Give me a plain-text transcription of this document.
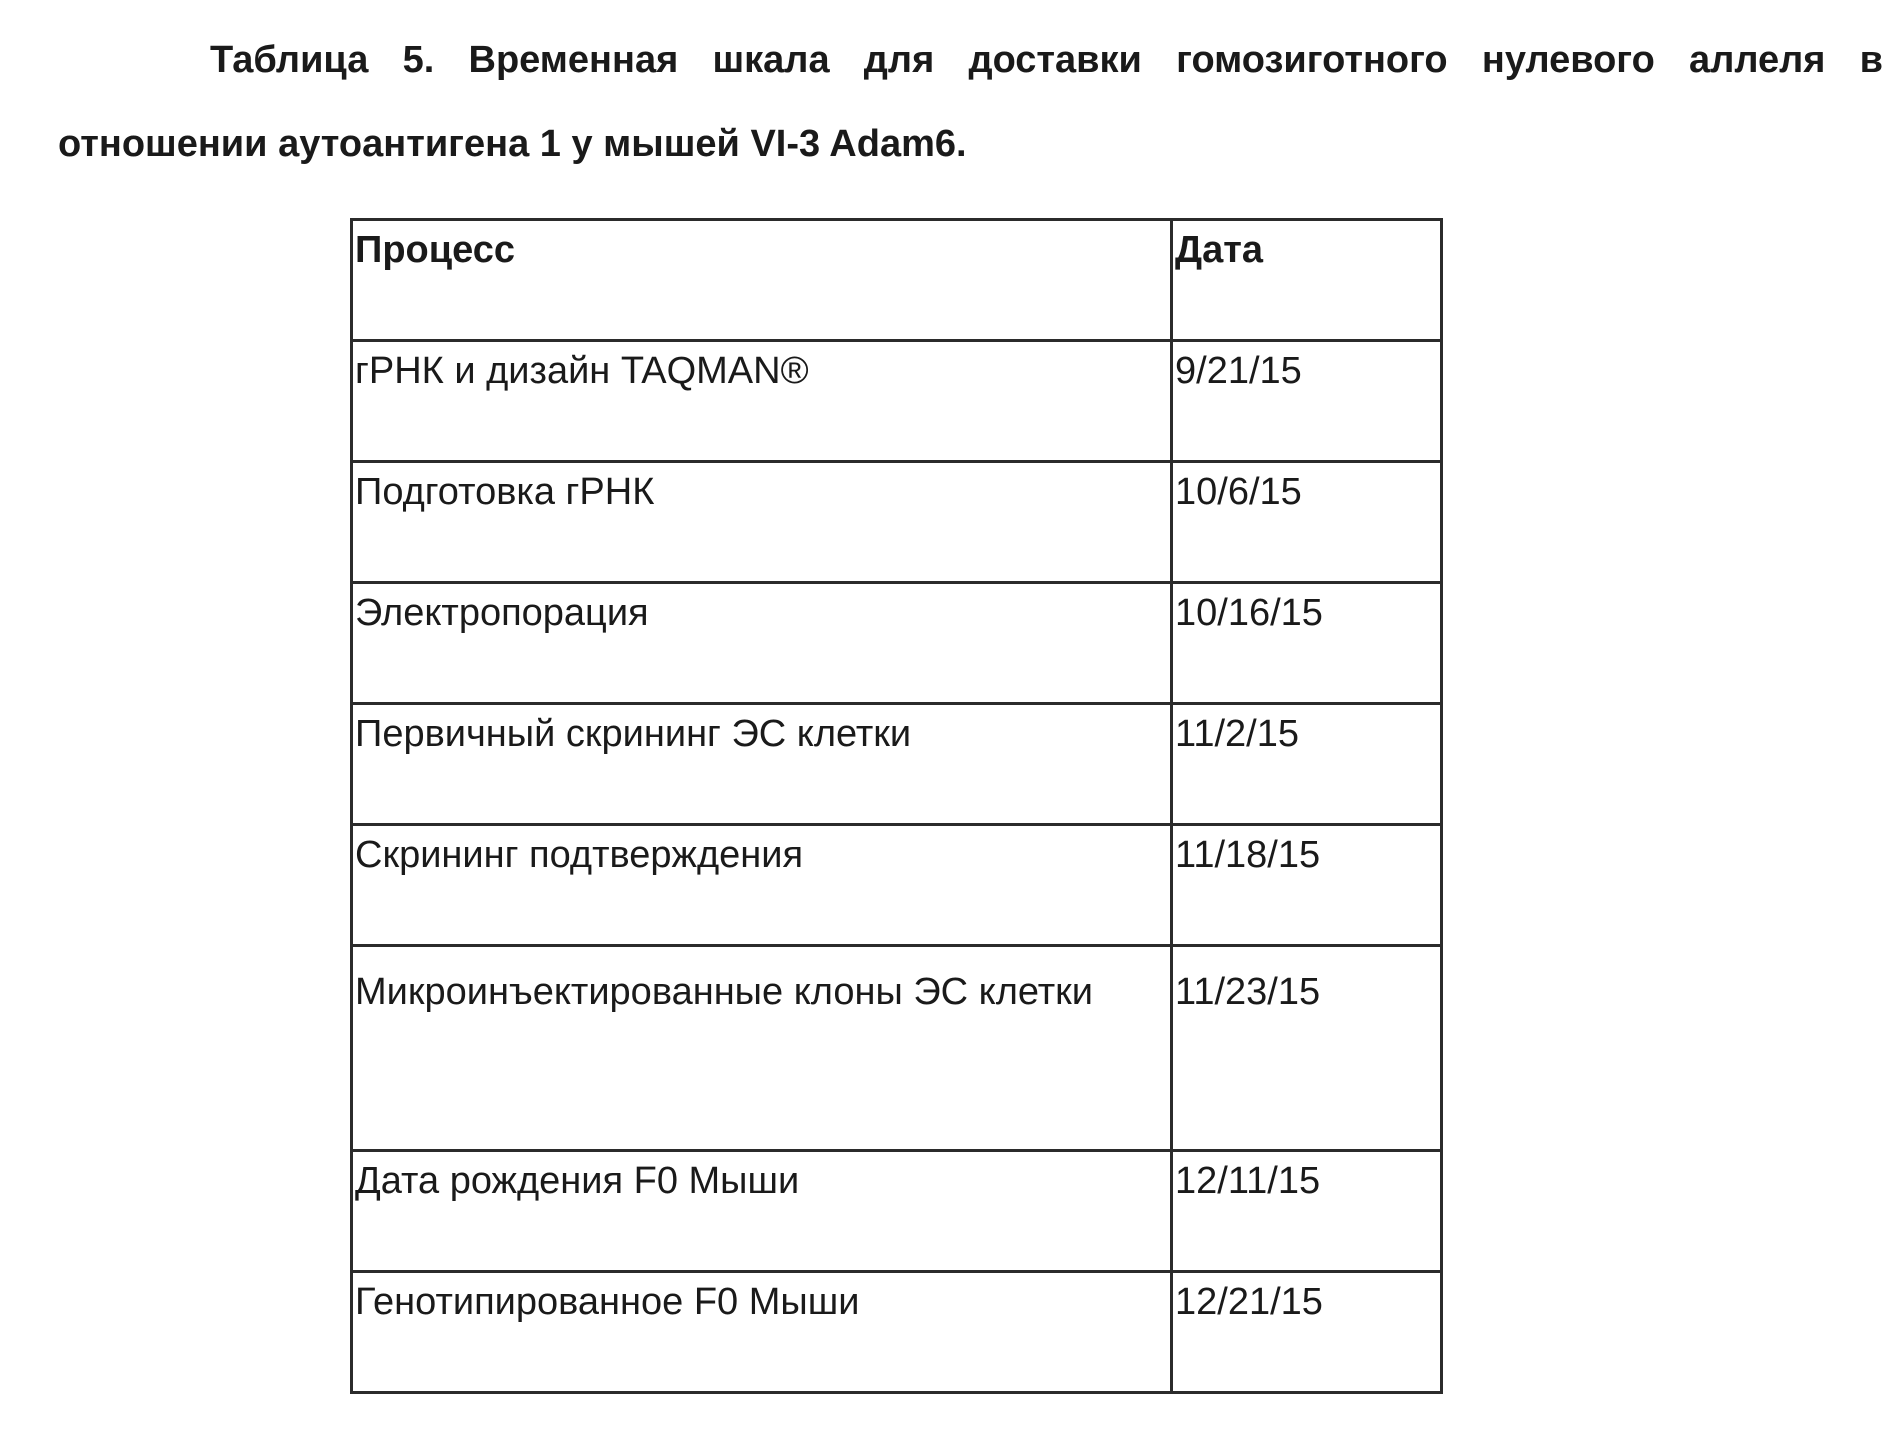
Таблица 5. Временная шкала для доставки гомозиготного нулевого аллеля в отношении аутоантигена 1 у мышей VI-3 Adam6.

Процесс	Дата
гРНК и дизайн TAQMAN®	9/21/15
Подготовка гРНК	10/6/15
Электропорация	10/16/15
Первичный скрининг ЭС клетки	11/2/15
Скрининг подтверждения	11/18/15
Микроинъектированные клоны ЭС клетки	11/23/15
Дата рождения F0 Мыши	12/11/15
Генотипированное F0 Мыши	12/21/15
